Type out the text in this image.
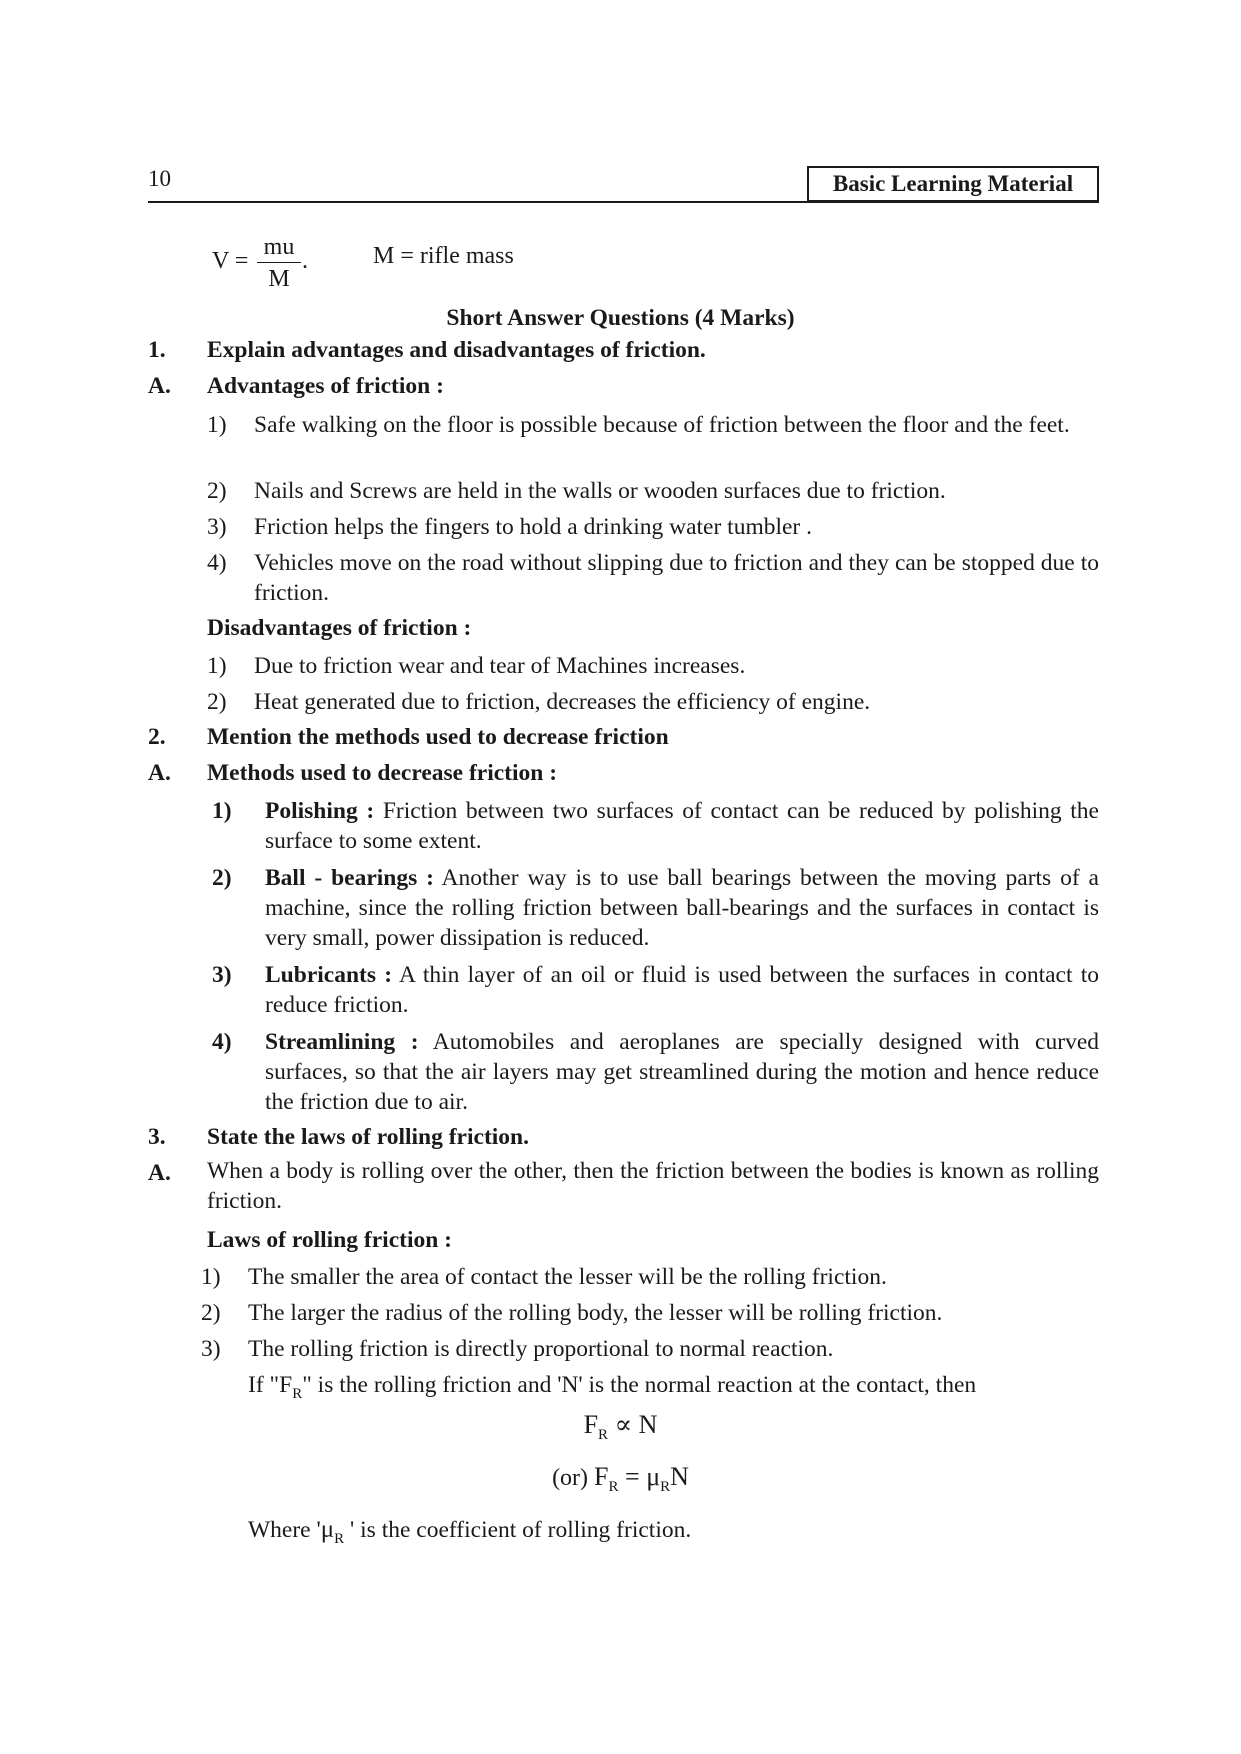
10	Basic Learning Material
$V = \frac{mu}{M}$ .	M = rifle mass
Short Answer Questions (4 Marks)
1. Explain advantages and disadvantages of friction.
A. Advantages of friction :
1) Safe walking on the floor is possible because of friction between the floor and the feet.
2) Nails and Screws are held in the walls or wooden surfaces due to friction.
3) Friction helps the fingers to hold a drinking water tumbler .
4) Vehicles move on the road without slipping due to friction and they can be stopped due to friction.
Disadvantages of friction :
1) Due to friction wear and tear of Machines increases.
2) Heat generated due to friction, decreases the efficiency of engine.
2. Mention the methods used to decrease friction
A. Methods used to decrease friction :
1) Polishing : Friction between two surfaces of contact can be reduced by polishing the surface to some extent.
2) Ball - bearings : Another way is to use ball bearings between the moving parts of a machine, since the rolling friction between ball-bearings and the surfaces in contact is very small, power dissipation is reduced.
3) Lubricants : A thin layer of an oil or fluid is used between the surfaces in contact to reduce friction.
4) Streamlining : Automobiles and aeroplanes are specially designed with curved surfaces, so that the air layers may get streamlined during the motion and hence reduce the friction due to air.
3. State the laws of rolling friction.
A. When a body is rolling over the other, then the friction between the bodies is known as rolling friction.
Laws of rolling friction :
1) The smaller the area of contact the lesser will be the rolling friction.
2) The larger the radius of the rolling body, the lesser will be rolling friction.
3) The rolling friction is directly proportional to normal reaction.
If "$F_R$" is the rolling friction and 'N' is the normal reaction at the contact, then
$F_R \propto N$
(or) $F_R = \mu_RN$
Where '$\mu_R$ ' is the coefficient of rolling friction.
